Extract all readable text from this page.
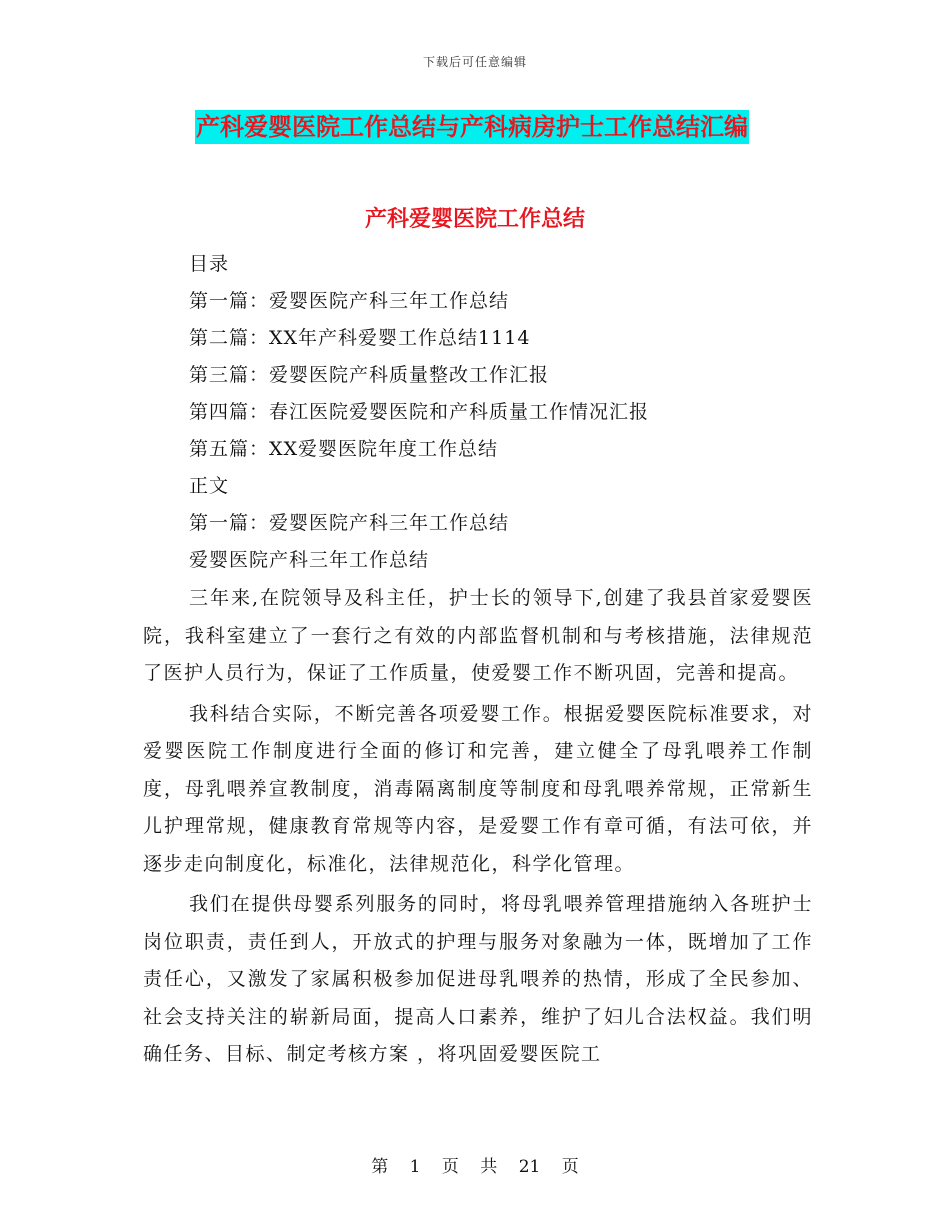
下载后可任意编辑
产科爱婴医院工作总结与产科病房护士工作总结汇编
产科爱婴医院工作总结
目录
第一篇：爱婴医院产科三年工作总结
第二篇：XX年产科爱婴工作总结1114
第三篇：爱婴医院产科质量整改工作汇报
第四篇：春江医院爱婴医院和产科质量工作情况汇报
第五篇：XX爱婴医院年度工作总结
正文
第一篇：爱婴医院产科三年工作总结
爱婴医院产科三年工作总结

三年来,在院领导及科主任，护士长的领导下,创建了我县首家爱婴医院，我科室建立了一套行之有效的内部监督机制和与考核措施，法律规范了医护人员行为，保证了工作质量，使爱婴工作不断巩固，完善和提高。

我科结合实际，不断完善各项爱婴工作。根据爱婴医院标准要求，对爱婴医院工作制度进行全面的修订和完善，建立健全了母乳喂养工作制度，母乳喂养宣教制度，消毒隔离制度等制度和母乳喂养常规，正常新生儿护理常规，健康教育常规等内容，是爱婴工作有章可循，有法可依，并逐步走向制度化，标准化，法律规范化，科学化管理。

我们在提供母婴系列服务的同时，将母乳喂养管理措施纳入各班护士岗位职责，责任到人，开放式的护理与服务对象融为一体，既增加了工作责任心，又激发了家属积极参加促进母乳喂养的热情，形成了全民参加、社会支持关注的崭新局面，提高人口素养，维护了妇儿合法权益。我们明确任务、目标、制定考核方案 ，将巩固爱婴医院工

第 1 页 共 21 页
